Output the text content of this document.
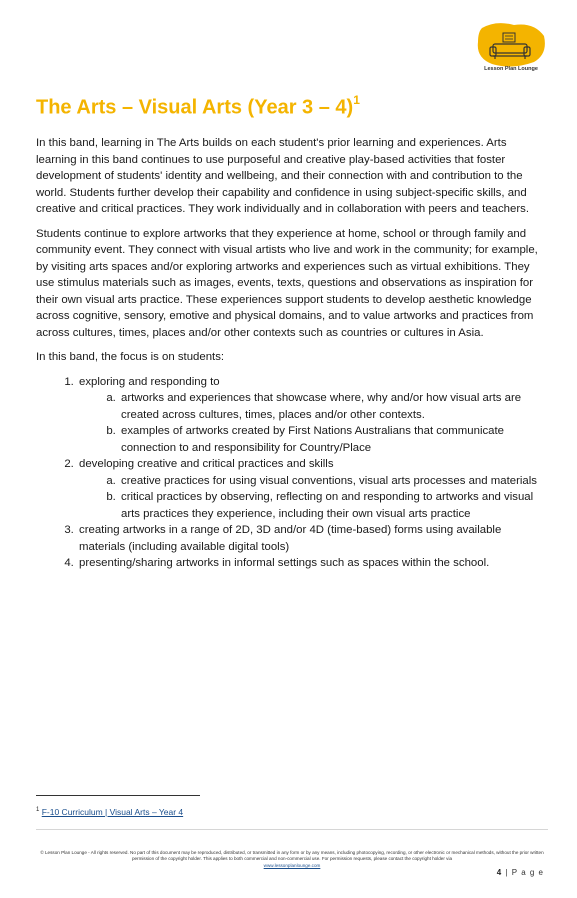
Lesson Plan Lounge
The Arts – Visual Arts (Year 3 – 4)$^1$

In this band, learning in The Arts builds on each student's prior learning and experiences. Arts learning in this band continues to use purposeful and creative play-based activities that foster development of students' identity and wellbeing, and their connection with and contribution to the world. Students further develop their capability and confidence in using subject-specific skills, and creative and critical practices. They work individually and in collaboration with peers and teachers.

Students continue to explore artworks that they experience at home, school or through family and community event. They connect with visual artists who live and work in the community; for example, by visiting arts spaces and/or exploring artworks and experiences such as virtual exhibitions. They use stimulus materials such as images, events, texts, questions and observations as inspiration for their own visual arts practice. These experiences support students to develop aesthetic knowledge across cognitive, sensory, emotive and physical domains, and to value artworks and practices from across cultures, times, places and/or other contexts such as countries or cultures in Asia.

In this band, the focus is on students:

1. exploring and responding to
a. artworks and experiences that showcase where, why and/or how visual arts are created across cultures, times, places and/or other contexts.
b. examples of artworks created by First Nations Australians that communicate connection to and responsibility for Country/Place
2. developing creative and critical practices and skills
a. creative practices for using visual conventions, visual arts processes and materials
b. critical practices by observing, reflecting on and responding to artworks and visual arts practices they experience, including their own visual arts practice
3. creating artworks in a range of 2D, 3D and/or 4D (time-based) forms using available materials (including available digital tools)
4. presenting/sharing artworks in informal settings such as spaces within the school.
$^1$ F-10 Curriculum | Visual Arts – Year 4
© Lesson Plan Lounge - All rights reserved. No part of this document may be reproduced, distributed, or transmitted in any form or by any means, including photocopying, recording, or other electronic or mechanical methods, without the prior written permission of the copyright holder. This applies to both commercial and non-commercial use. For permission requests, please contact the copyright holder via
www.lessonplanlounge.com
4 | P a g e
